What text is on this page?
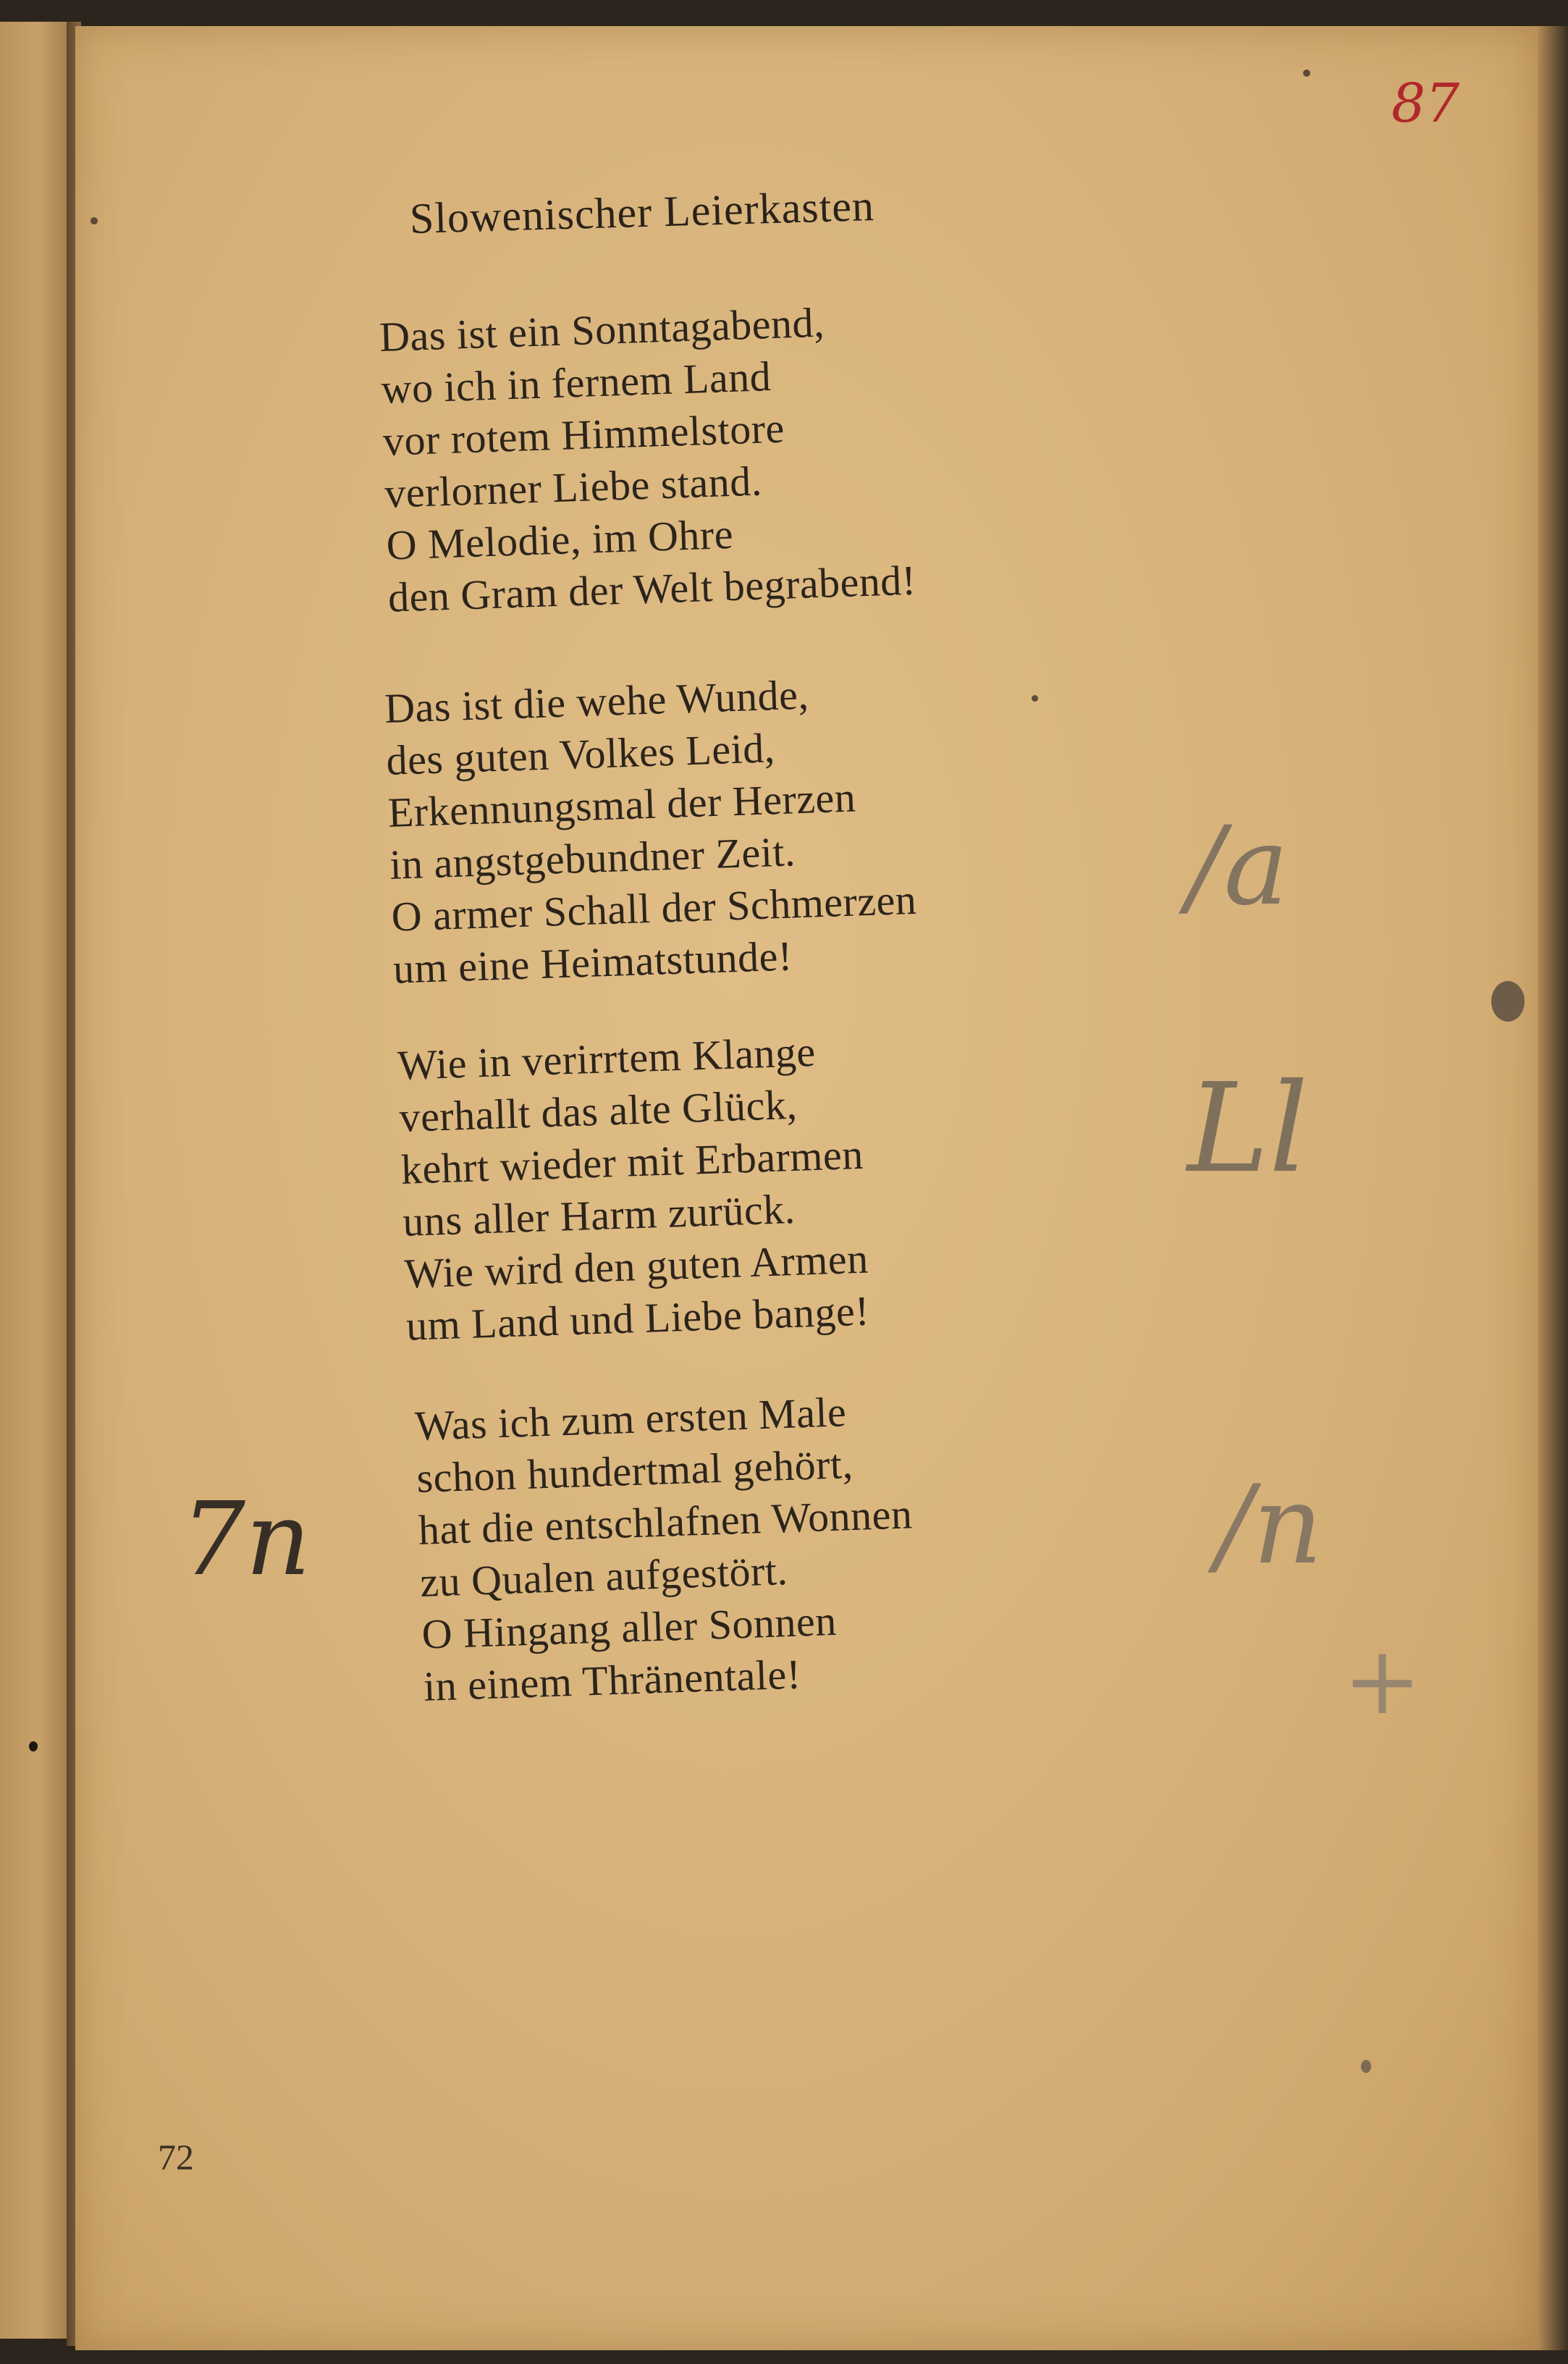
87
Slowenischer Leierkasten
Das ist ein Sonntagabend,
wo ich in fernem Land
vor rotem Himmelstore
verlorner Liebe stand.
O Melodie, im Ohre
den Gram der Welt begrabend!
Das ist die wehe Wunde,
des guten Volkes Leid,
Erkennungsmal der Herzen
in angstgebundner Zeit.
O armer Schall der Schmerzen
um eine Heimatstunde!
Wie in verirrtem Klange
verhallt das alte Glück,
kehrt wieder mit Erbarmen
uns aller Harm zurück.
Wie wird den guten Armen
um Land und Liebe bange!
Was ich zum ersten Male
schon hundertmal gehört,
hat die entschlafnen Wonnen
zu Qualen aufgestört.
O Hingang aller Sonnen
in einem Thränentale!
/a
Ll
/n
7n
+
72
